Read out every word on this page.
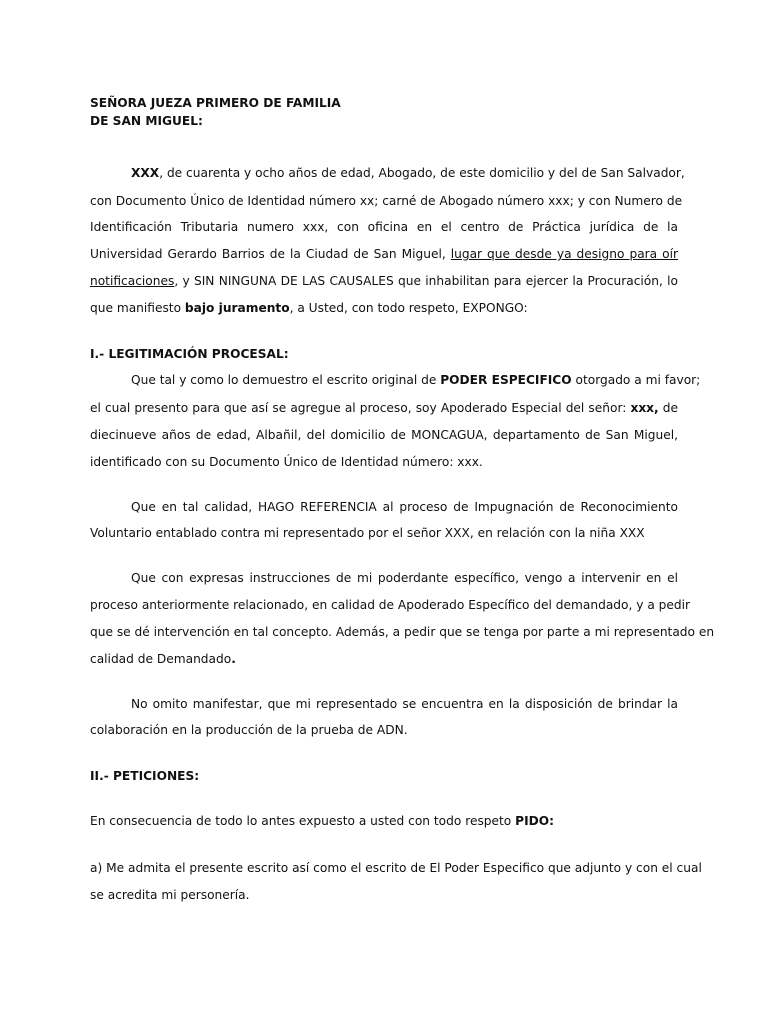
SEÑORA JUEZA PRIMERO DE FAMILIA
DE SAN MIGUEL:
XXX, de cuarenta y ocho años de edad, Abogado, de este domicilio y del de San Salvador,
con Documento Único de Identidad número xx; carné de Abogado número xxx; y con Numero de
Identificación Tributaria numero xxx, con oficina en el centro de Práctica jurídica de la
Universidad Gerardo Barrios de la Ciudad de San Miguel, lugar que desde ya designo para oír
notificaciones, y SIN NINGUNA DE LAS CAUSALES que inhabilitan para ejercer la Procuración, lo
que manifiesto bajo juramento, a Usted, con todo respeto, EXPONGO:
I.- LEGITIMACIÓN PROCESAL:
Que tal y como lo demuestro el escrito original de PODER ESPECIFICO otorgado a mi favor;
el cual presento para que así se agregue al proceso, soy Apoderado Especial del señor: xxx, de
diecinueve años de edad, Albañil, del domicilio de MONCAGUA, departamento de San Miguel,
identificado con su Documento Único de Identidad número: xxx.
Que en tal calidad, HAGO REFERENCIA al proceso de Impugnación de Reconocimiento
Voluntario entablado contra mi representado por el señor XXX, en relación con la niña XXX
Que con expresas instrucciones de mi poderdante específico, vengo a intervenir en el
proceso anteriormente relacionado, en calidad de Apoderado Específico del demandado, y a pedir
que se dé intervención en tal concepto. Además, a pedir que se tenga por parte a mi representado en
calidad de Demandado.
No omito manifestar, que mi representado se encuentra en la disposición de brindar la
colaboración en la producción de la prueba de ADN.
II.- PETICIONES:
En consecuencia de todo lo antes expuesto a usted con todo respeto PIDO:
a) Me admita el presente escrito así como el escrito de El Poder Especifico que adjunto y con el cual
se acredita mi personería.
